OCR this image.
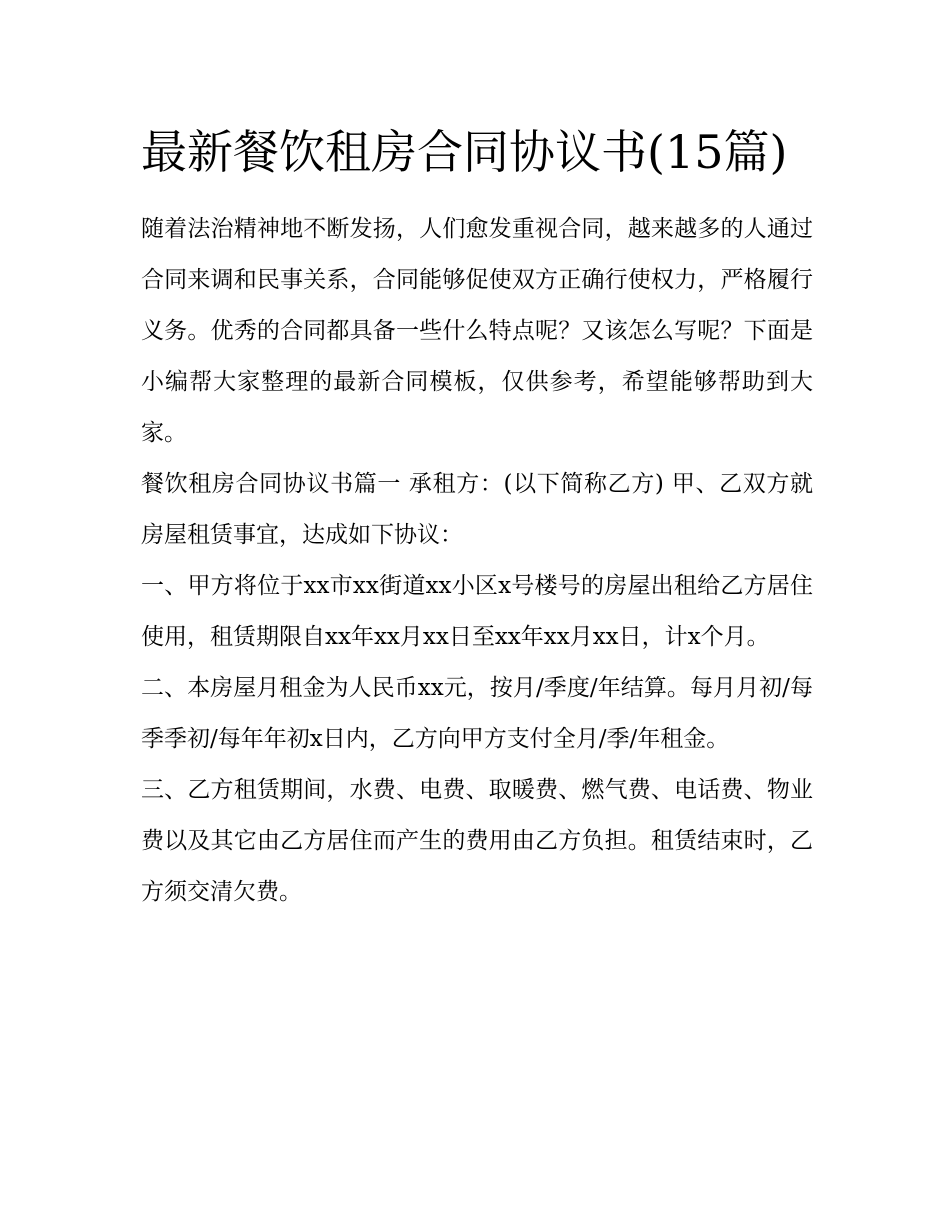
最新餐饮租房合同协议书(15篇)

随着法治精神地不断发扬，人们愈发重视合同，越来越多的人通过合同来调和民事关系，合同能够促使双方正确行使权力，严格履行义务。优秀的合同都具备一些什么特点呢？又该怎么写呢？下面是小编帮大家整理的最新合同模板，仅供参考，希望能够帮助到大家。

餐饮租房合同协议书篇一 承租方：(以下简称乙方) 甲、乙双方就房屋租赁事宜，达成如下协议：

一、甲方将位于xx市xx街道xx小区x号楼号的房屋出租给乙方居住使用，租赁期限自xx年xx月xx日至xx年xx月xx日，计x个月。

二、本房屋月租金为人民币xx元，按月/季度/年结算。每月月初/每季季初/每年年初x日内，乙方向甲方支付全月/季/年租金。

三、乙方租赁期间，水费、电费、取暖费、燃气费、电话费、物业费以及其它由乙方居住而产生的费用由乙方负担。租赁结束时，乙方须交清欠费。
